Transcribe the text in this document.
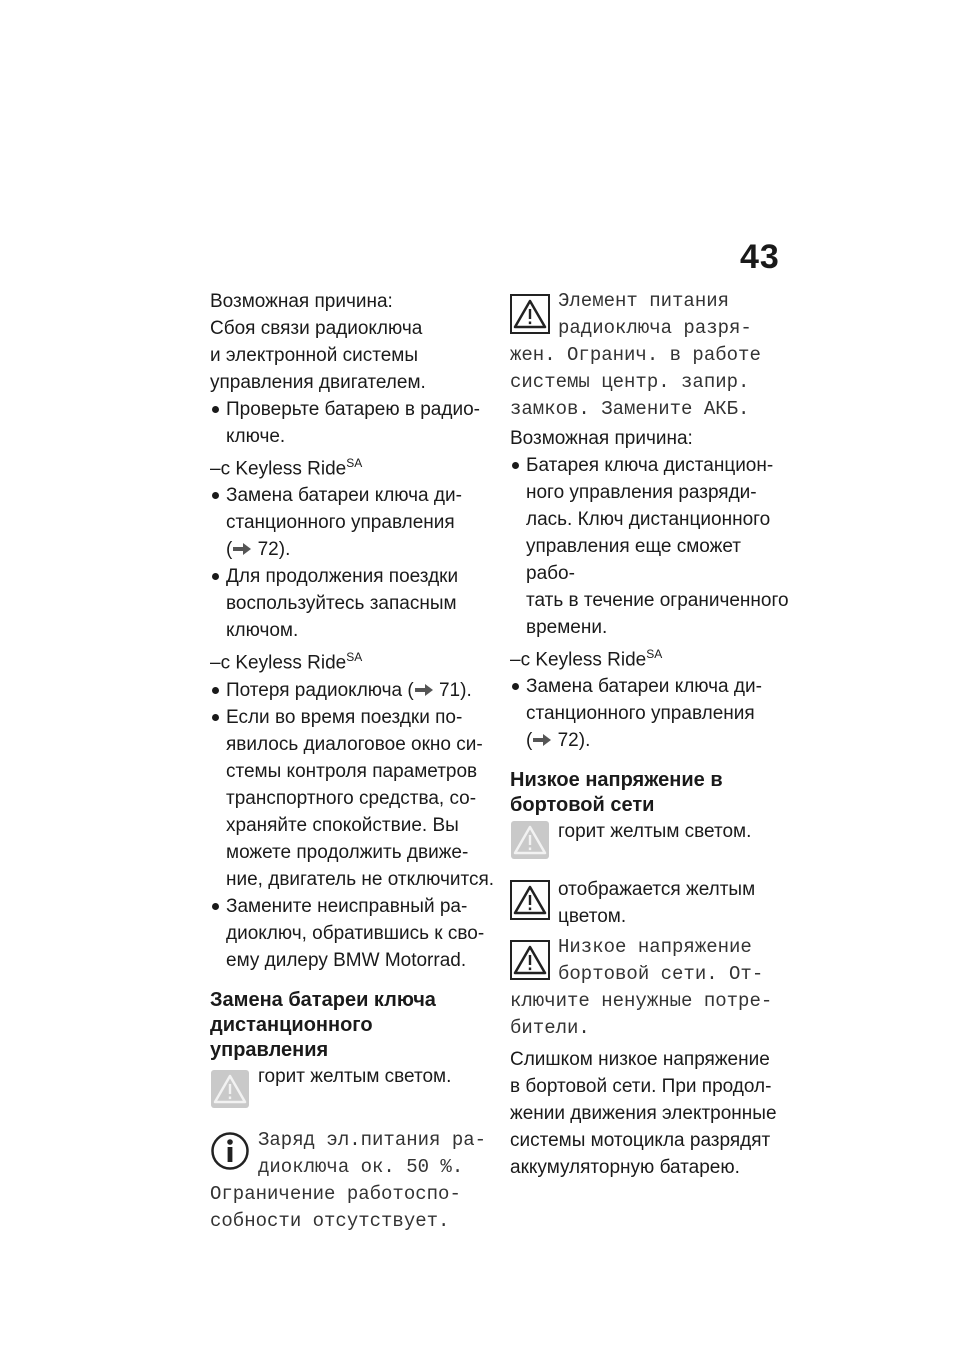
43

Возможная причина:

Сбоя связи радиоключа

и электронной системы

управления двигателем.

Проверьте батарею в радио-
ключе.

–с Keyless Ride$^{SA}$

Замена батареи ключа ди-
станционного управления
( 72).
Для продолжения поездки
воспользуйтесь запасным
ключом.

–с Keyless Ride$^{SA}$

Потеря радиоключа ( 71).
Если во время поездки по-
явилось диалоговое окно си-
стемы контроля параметров
транспортного средства, со-
храняйте спокойствие. Вы
можете продолжить движе-
ние, двигатель не отключится.
Замените неисправный ра-
диоключ, обратившись к сво-
ему дилеру BMW Motorrad.
Замена батареи ключа
дистанционного управления
горит желтым светом.
Заряд эл.питания ра-
диоключа ок. 50 %.
Ограничение работоспо-
собности отсутствует.
Элемент питания
радиоключа разря-
жен. Огранич. в работе
системы центр. запир.
замков. Замените АКБ.

Возможная причина:

Батарея ключа дистанцион-
ного управления разряди-
лась. Ключ дистанционного
управления еще сможет рабо-
тать в течение ограниченного
времени.

–с Keyless Ride$^{SA}$

Замена батареи ключа ди-
станционного управления
( 72).
Низкое напряжение в
бортовой сети
горит желтым светом.
отображается желтым
цветом.
Низкое напряжение
бортовой сети. От-
ключите ненужные потре-
бители.
Слишком низкое напряжение
в бортовой сети. При продол-
жении движения электронные
системы мотоцикла разрядят
аккумуляторную батарею.
